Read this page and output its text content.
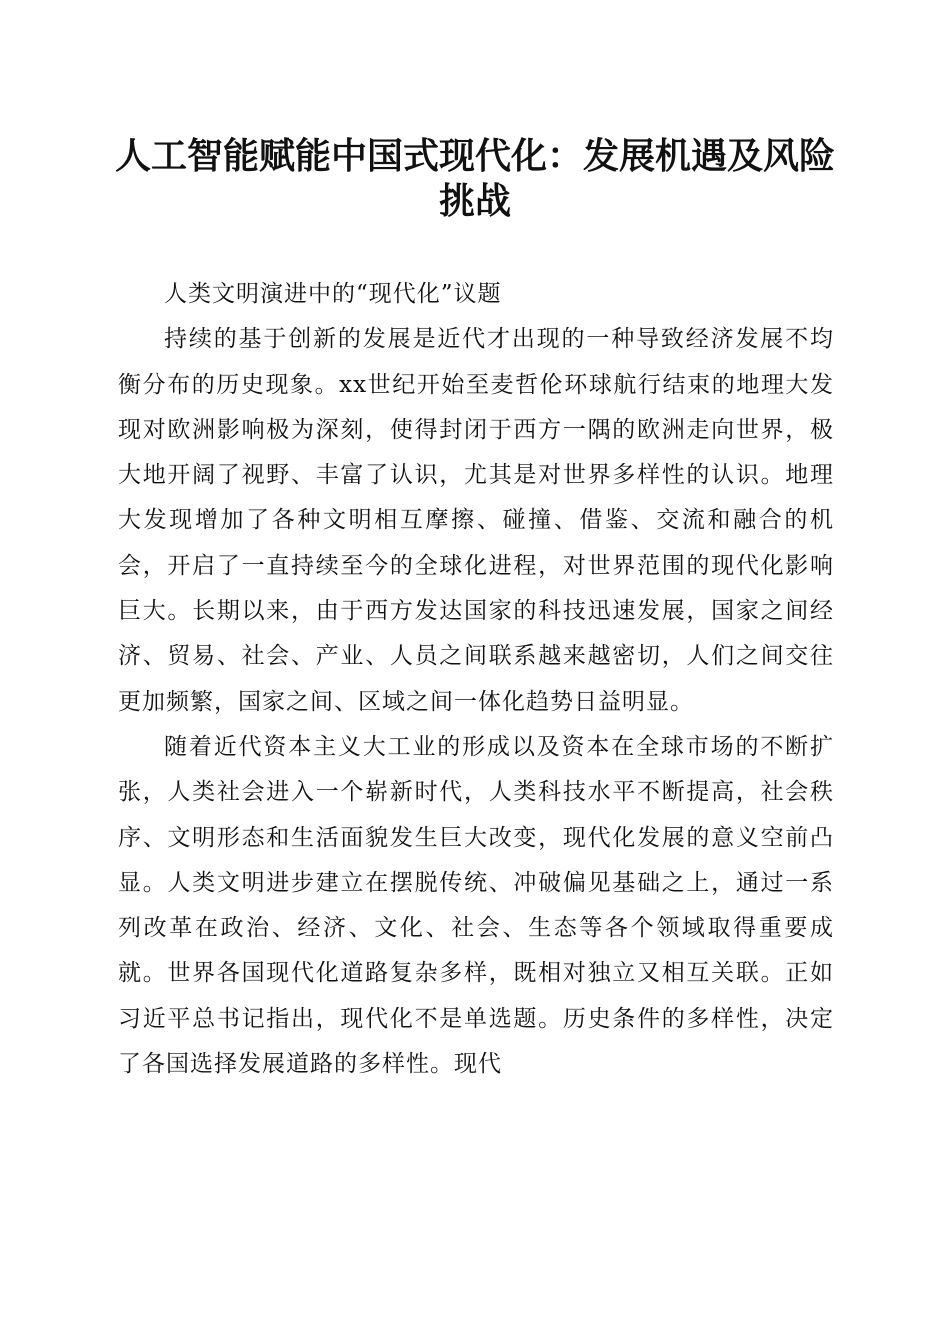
人工智能赋能中国式现代化：发展机遇及风险挑战

人类文明演进中的“现代化”议题

持续的基于创新的发展是近代才出现的一种导致经济发展不均衡分布的历史现象。xx世纪开始至麦哲伦环球航行结束的地理大发现对欧洲影响极为深刻，使得封闭于西方一隅的欧洲走向世界，极大地开阔了视野、丰富了认识，尤其是对世界多样性的认识。地理大发现增加了各种文明相互摩擦、碰撞、借鉴、交流和融合的机会，开启了一直持续至今的全球化进程，对世界范围的现代化影响巨大。长期以来，由于西方发达国家的科技迅速发展，国家之间经济、贸易、社会、产业、人员之间联系越来越密切，人们之间交往更加频繁，国家之间、区域之间一体化趋势日益明显。

随着近代资本主义大工业的形成以及资本在全球市场的不断扩张，人类社会进入一个崭新时代，人类科技水平不断提高，社会秩序、文明形态和生活面貌发生巨大改变，现代化发展的意义空前凸显。人类文明进步建立在摆脱传统、冲破偏见基础之上，通过一系列改革在政治、经济、文化、社会、生态等各个领域取得重要成就。世界各国现代化道路复杂多样，既相对独立又相互关联。正如习近平总书记指出，现代化不是单选题。历史条件的多样性，决定了各国选择发展道路的多样性。现代
